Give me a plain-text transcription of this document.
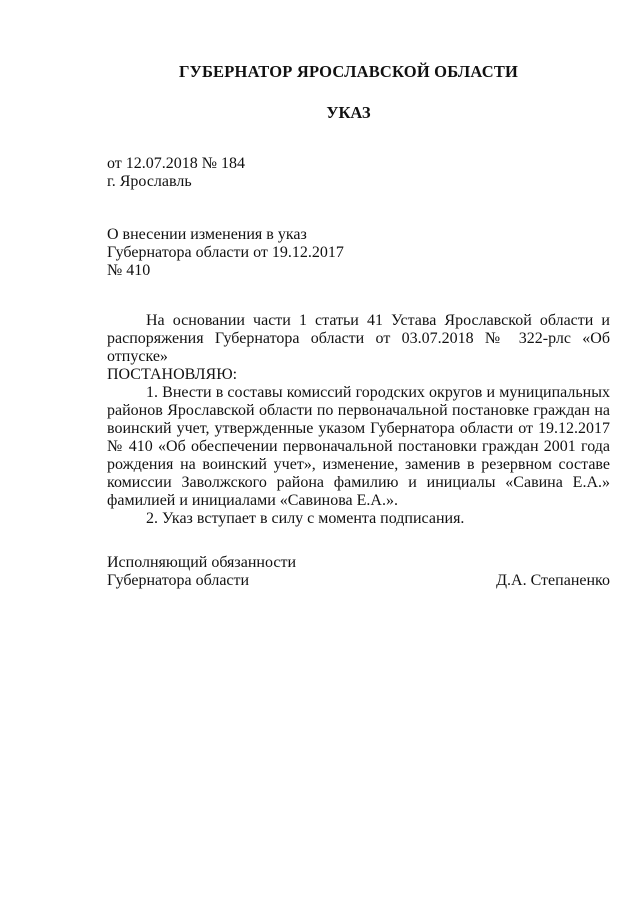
ГУБЕРНАТОР ЯРОСЛАВСКОЙ ОБЛАСТИ
УКАЗ
от 12.07.2018 № 184
г. Ярославль
О внесении изменения в указ
Губернатора области от 19.12.2017
№ 410

На основании части 1 статьи 41 Устава Ярославской области и распоряжения Губернатора области от 03.07.2018 № 322-рлс «Об отпуске»

ПОСТАНОВЛЯЮ:

1. Внести в составы комиссий городских округов и муниципальных районов Ярославской области по первоначальной постановке граждан на воинский учет, утвержденные указом Губернатора области от 19.12.2017 № 410 «Об обеспечении первоначальной постановки граждан 2001 года рождения на воинский учет», изменение, заменив в резервном составе комиссии Заволжского района фамилию и инициалы «Савина Е.А.» фамилией и инициалами «Савинова Е.А.».

2. Указ вступает в силу с момента подписания.

Исполняющий обязанности
Губернатора области	Д.А. Степаненко
